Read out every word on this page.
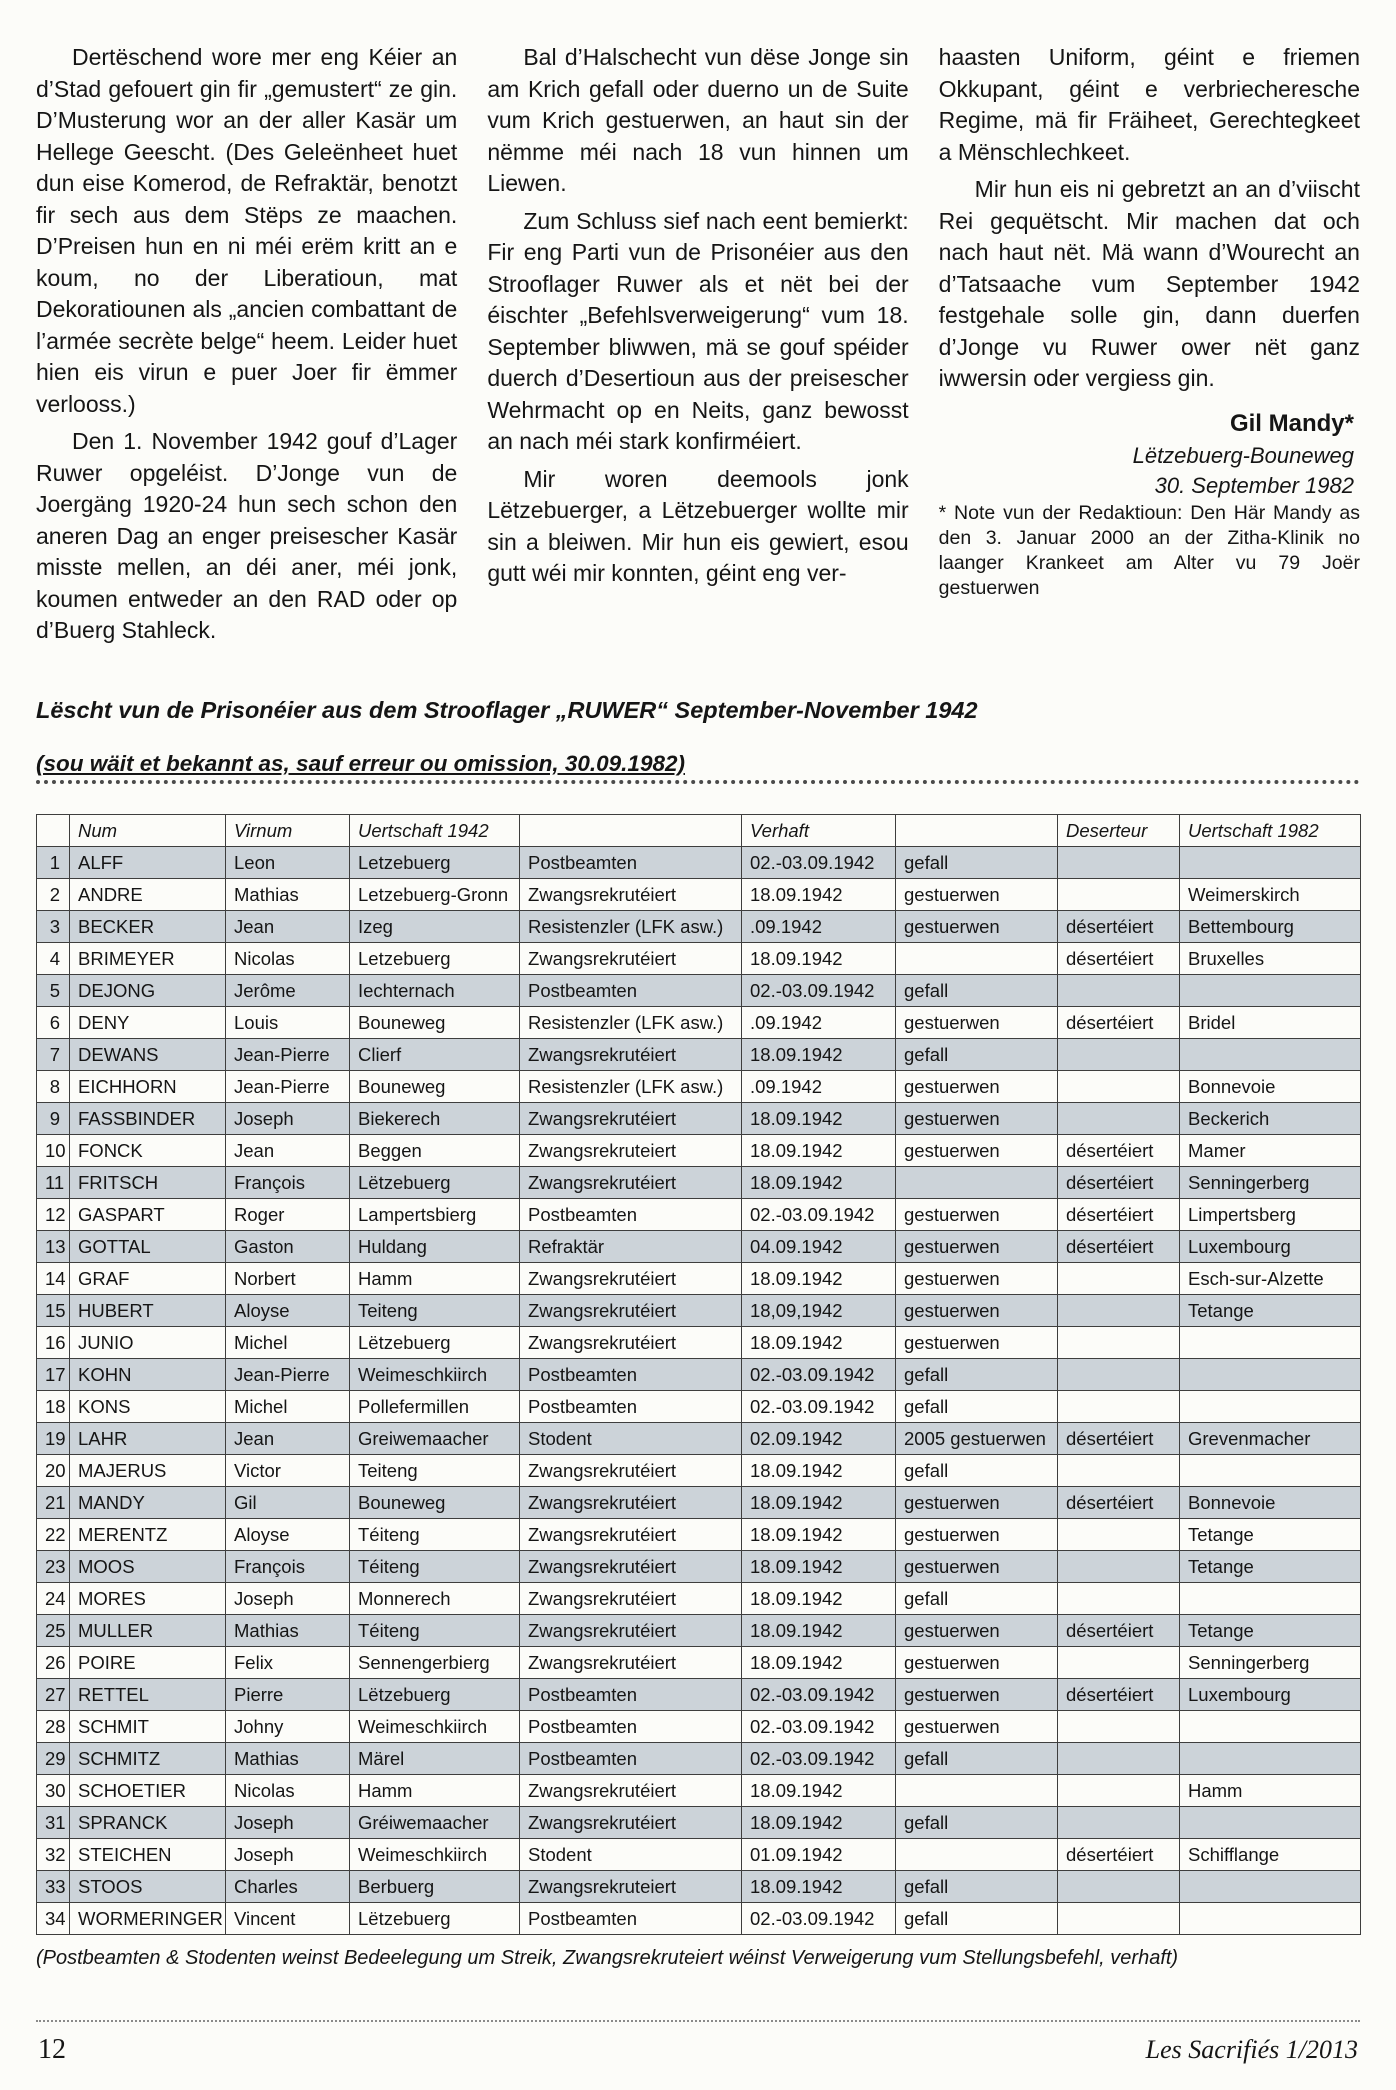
Dertëschend wore mer eng Kéier an d’Stad gefouert gin fir „gemustert“ ze gin. D’Musterung wor an der aller Kasär um Hellege Geescht. (Des Geleënheet huet dun eise Komerod, de Refraktär, benotzt fir sech aus dem Stëps ze maachen. D’Preisen hun en ni méi erëm kritt an e koum, no der Liberatioun, mat Dekoratiounen als „ancien combattant de l’armée secrète belge“ heem. Leider huet hien eis virun e puer Joer fir ëmmer verlooss.)

Den 1. November 1942 gouf d’Lager Ruwer opgeléist. D’Jonge vun de Joergäng 1920-24 hun sech schon den aneren Dag an enger preisescher Kasär misste mellen, an déi aner, méi jonk, koumen entweder an den RAD oder op d’Buerg Stahleck.

Bal d’Halschecht vun dëse Jonge sin am Krich gefall oder duerno un de Suite vum Krich gestuerwen, an haut sin der nëmme méi nach 18 vun hinnen um Liewen.

Zum Schluss sief nach eent bemierkt: Fir eng Parti vun de Prisonéier aus den Strooflager Ruwer als et nët bei der éischter „Befehlsverweigerung“ vum 18. September bliwwen, mä se gouf spéider duerch d’Desertioun aus der preisescher Wehrmacht op en Neits, ganz bewosst an nach méi stark konfirméiert.

Mir woren deemools jonk Lëtzebuerger, a Lëtzebuerger wollte mir sin a bleiwen. Mir hun eis gewiert, esou gutt wéi mir konnten, géint eng ver-

haasten Uniform, géint e friemen Okkupant, géint e verbriecheresche Regime, mä fir Fräiheet, Gerechtegkeet a Mënschlechkeet.

Mir hun eis ni gebretzt an an d’viischt Rei gequëtscht. Mir machen dat och nach haut nët. Mä wann d’Wourecht an d’Tatsaache vum September 1942 festgehale solle gin, dann duerfen d’Jonge vu Ruwer ower nët ganz iwwersin oder vergiess gin.

Gil Mandy*
Lëtzebuerg-Bouneweg
30. September 1982

* Note vun der Redaktioun: Den Här Mandy as den 3. Januar 2000 an der Zitha-Klinik no laanger Krankeet am Alter vu 79 Joër gestuerwen

Lëscht vun de Prisonéier aus dem Strooflager „RUWER“ September-November 1942
(sou wäit et bekannt as, sauf erreur ou omission, 30.09.1982)
	Num	Virnum	Uertschaft 1942		Verhaft		Deserteur	Uertschaft 1982
1	ALFF	Leon	Letzebuerg	Postbeamten	02.-03.09.1942	gefall		
2	ANDRE	Mathias	Letzebuerg-Gronn	Zwangsrekrutéiert	18.09.1942	gestuerwen		Weimerskirch
3	BECKER	Jean	Izeg	Resistenzler (LFK asw.)	.09.1942	gestuerwen	désertéiert	Bettembourg
4	BRIMEYER	Nicolas	Letzebuerg	Zwangsrekrutéiert	18.09.1942		désertéiert	Bruxelles
5	DEJONG	Jerôme	Iechternach	Postbeamten	02.-03.09.1942	gefall		
6	DENY	Louis	Bouneweg	Resistenzler (LFK asw.)	.09.1942	gestuerwen	désertéiert	Bridel
7	DEWANS	Jean-Pierre	Clierf	Zwangsrekrutéiert	18.09.1942	gefall		
8	EICHHORN	Jean-Pierre	Bouneweg	Resistenzler (LFK asw.)	.09.1942	gestuerwen		Bonnevoie
9	FASSBINDER	Joseph	Biekerech	Zwangsrekrutéiert	18.09.1942	gestuerwen		Beckerich
10	FONCK	Jean	Beggen	Zwangsrekruteiert	18.09.1942	gestuerwen	désertéiert	Mamer
11	FRITSCH	François	Lëtzebuerg	Zwangsrekrutéiert	18.09.1942		désertéiert	Senningerberg
12	GASPART	Roger	Lampertsbierg	Postbeamten	02.-03.09.1942	gestuerwen	désertéiert	Limpertsberg
13	GOTTAL	Gaston	Huldang	Refraktär	04.09.1942	gestuerwen	désertéiert	Luxembourg
14	GRAF	Norbert	Hamm	Zwangsrekrutéiert	18.09.1942	gestuerwen		Esch-sur-Alzette
15	HUBERT	Aloyse	Teiteng	Zwangsrekrutéiert	18,09,1942	gestuerwen		Tetange
16	JUNIO	Michel	Lëtzebuerg	Zwangsrekrutéiert	18.09.1942	gestuerwen		
17	KOHN	Jean-Pierre	Weimeschkiirch	Postbeamten	02.-03.09.1942	gefall		
18	KONS	Michel	Pollefermillen	Postbeamten	02.-03.09.1942	gefall		
19	LAHR	Jean	Greiwemaacher	Stodent	02.09.1942	2005 gestuerwen	désertéiert	Grevenmacher
20	MAJERUS	Victor	Teiteng	Zwangsrekrutéiert	18.09.1942	gefall		
21	MANDY	Gil	Bouneweg	Zwangsrekrutéiert	18.09.1942	gestuerwen	désertéiert	Bonnevoie
22	MERENTZ	Aloyse	Téiteng	Zwangsrekrutéiert	18.09.1942	gestuerwen		Tetange
23	MOOS	François	Téiteng	Zwangsrekrutéiert	18.09.1942	gestuerwen		Tetange
24	MORES	Joseph	Monnerech	Zwangsrekrutéiert	18.09.1942	gefall		
25	MULLER	Mathias	Téiteng	Zwangsrekrutéiert	18.09.1942	gestuerwen	désertéiert	Tetange
26	POIRE	Felix	Sennengerbierg	Zwangsrekrutéiert	18.09.1942	gestuerwen		Senningerberg
27	RETTEL	Pierre	Lëtzebuerg	Postbeamten	02.-03.09.1942	gestuerwen	désertéiert	Luxembourg
28	SCHMIT	Johny	Weimeschkiirch	Postbeamten	02.-03.09.1942	gestuerwen		
29	SCHMITZ	Mathias	Märel	Postbeamten	02.-03.09.1942	gefall		
30	SCHOETIER	Nicolas	Hamm	Zwangsrekrutéiert	18.09.1942			Hamm
31	SPRANCK	Joseph	Gréiwemaacher	Zwangsrekrutéiert	18.09.1942	gefall		
32	STEICHEN	Joseph	Weimeschkiirch	Stodent	01.09.1942		désertéiert	Schifflange
33	STOOS	Charles	Berbuerg	Zwangsrekruteiert	18.09.1942	gefall		
34	WORMERINGER	Vincent	Lëtzebuerg	Postbeamten	02.-03.09.1942	gefall		

(Postbeamten & Stodenten weinst Bedeelegung um Streik, Zwangsrekruteiert wéinst Verweigerung vum Stellungsbefehl, verhaft)

12	Les Sacrifiés 1/2013
